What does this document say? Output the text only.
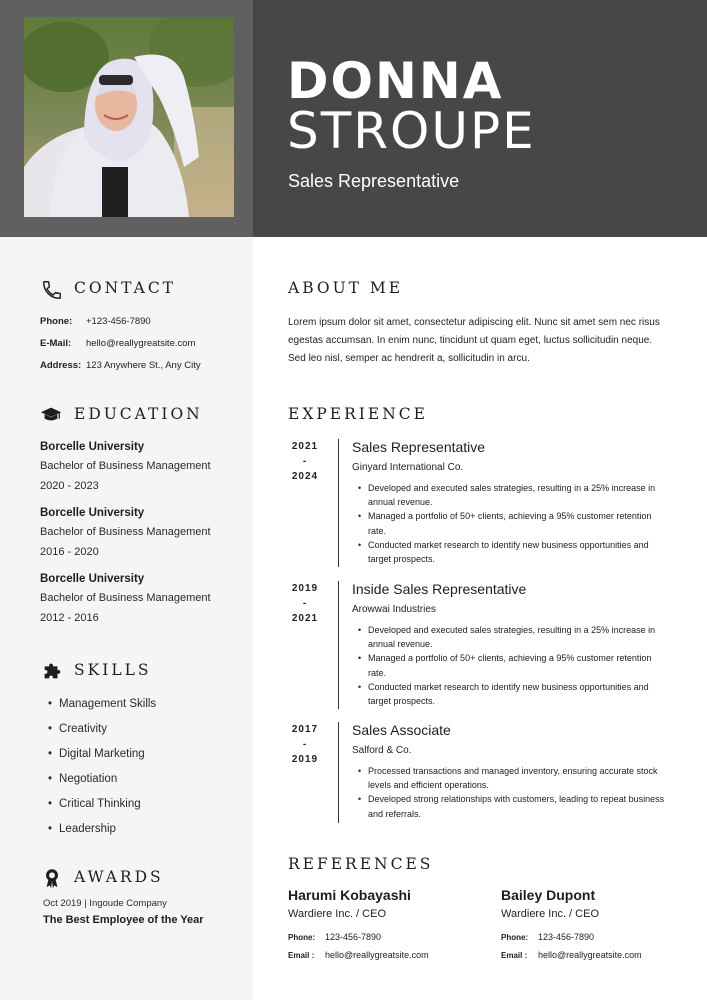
DONNA
STROUPE
Sales Representative
CONTACT
Phone: +123-456-7890
E-Mail: hello@reallygreatsite.com
Address: 123 Anywhere St., Any City
EDUCATION
Borcelle University
Bachelor of Business Management
2020 - 2023
Borcelle University
Bachelor of Business Management
2016 - 2020
Borcelle University
Bachelor of Business Management
2012 - 2016
SKILLS
• Management Skills
• Creativity
• Digital Marketing
• Negotiation
• Critical Thinking
• Leadership
AWARDS
Oct 2019 | Ingoude Company
The Best Employee of the Year
ABOUT ME
Lorem ipsum dolor sit amet, consectetur adipiscing elit. Nunc sit amet sem nec risus egestas accumsan. In enim nunc, tincidunt ut quam eget, luctus sollicitudin neque. Sed leo nisl, semper ac hendrerit a, sollicitudin in arcu.
EXPERIENCE
2021
-
2024
Sales Representative
Ginyard International Co.
• Developed and executed sales strategies, resulting in a 25% increase in annual revenue.
• Managed a portfolio of 50+ clients, achieving a 95% customer retention rate.
• Conducted market research to identify new business opportunities and target prospects.
2019
-
2021
Inside Sales Representative
Arowwai Industries
• Developed and executed sales strategies, resulting in a 25% increase in annual revenue.
• Managed a portfolio of 50+ clients, achieving a 95% customer retention rate.
• Conducted market research to identify new business opportunities and target prospects.
2017
-
2019
Sales Associate
Salford & Co.
• Processed transactions and managed inventory, ensuring accurate stock levels and efficient operations.
• Developed strong relationships with customers, leading to repeat business and referrals.
REFERENCES
Harumi Kobayashi
Wardiere Inc. / CEO
Phone: 123-456-7890
Email : hello@reallygreatsite.com
Bailey Dupont
Wardiere Inc. / CEO
Phone: 123-456-7890
Email : hello@reallygreatsite.com
